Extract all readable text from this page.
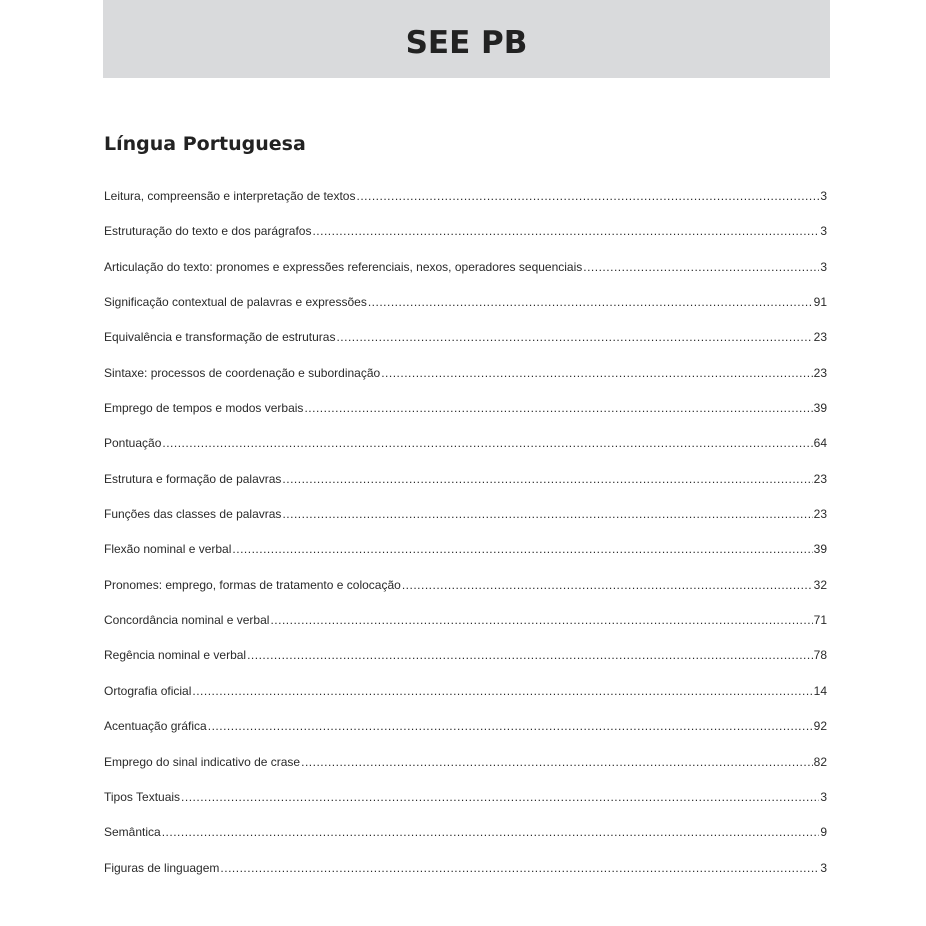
SEE PB
Língua Portuguesa
Leitura, compreensão e interpretação de textos .....	3
Estruturação do texto e dos parágrafos .....	3
Articulação do texto: pronomes e expressões referenciais, nexos, operadores sequenciais .....	3
Significação contextual de palavras e expressões .....	91
Equivalência e transformação de estruturas .....	23
Sintaxe: processos de coordenação e subordinação .....	23
Emprego de tempos e modos verbais .....	39
Pontuação .....	64
Estrutura e formação de palavras .....	23
Funções das classes de palavras .....	23
Flexão nominal e verbal .....	39
Pronomes: emprego, formas de tratamento e colocação .....	32
Concordância nominal e verbal .....	71
Regência nominal e verbal .....	78
Ortografia oficial .....	14
Acentuação gráfica .....	92
Emprego do sinal indicativo de crase .....	82
Tipos Textuais .....	3
Semântica .....	9
Figuras de linguagem .....	3
